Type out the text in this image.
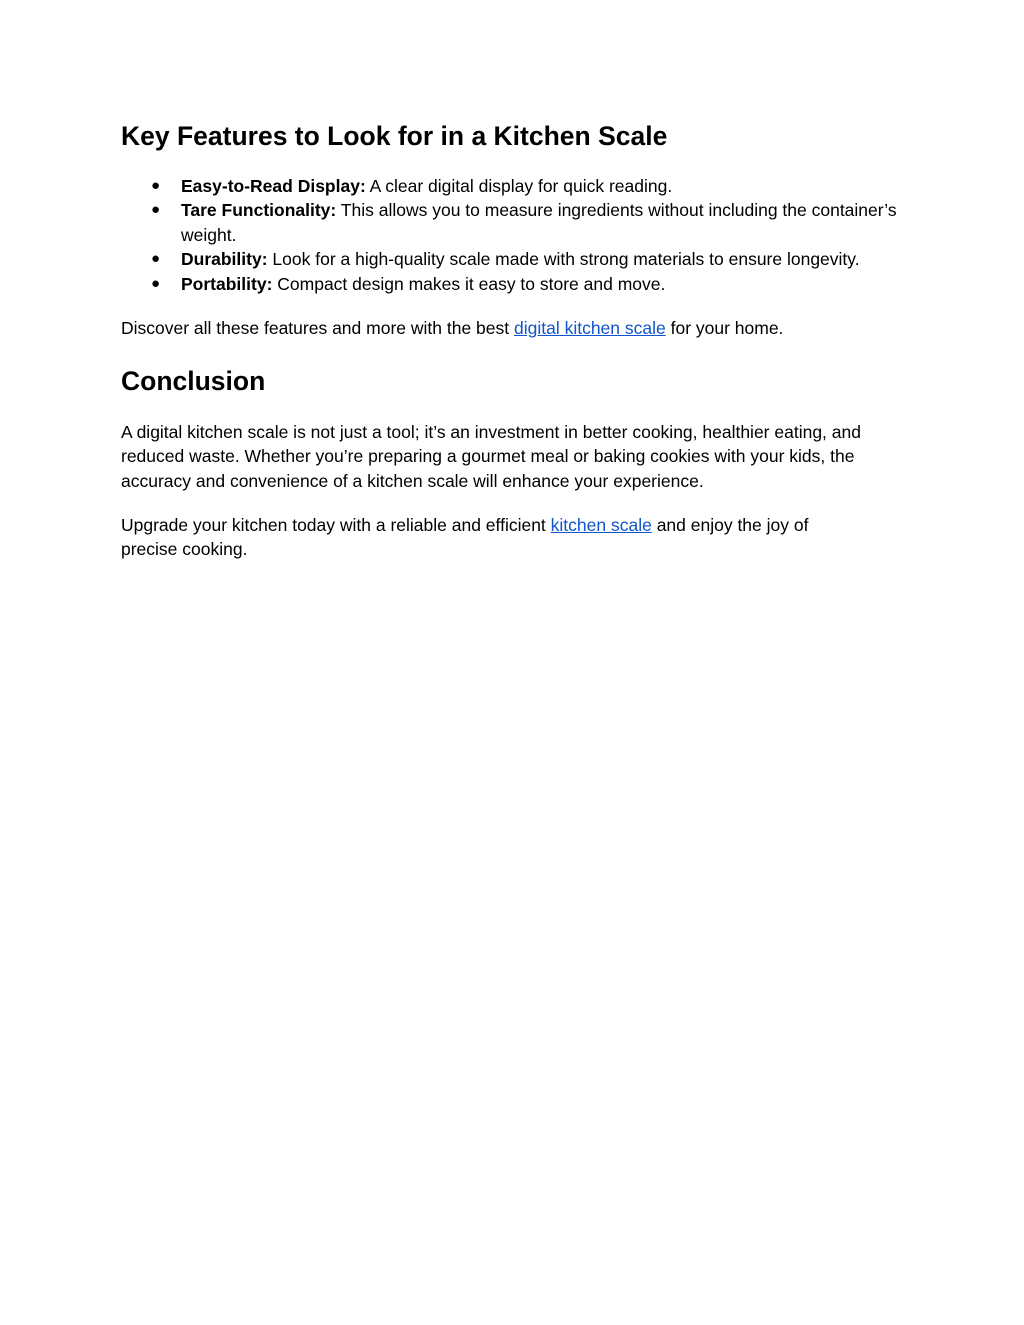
Key Features to Look for in a Kitchen Scale
● Easy-to-Read Display: A clear digital display for quick reading.
● Tare Functionality: This allows you to measure ingredients without including the container’s weight.
● Durability: Look for a high-quality scale made with strong materials to ensure longevity.
● Portability: Compact design makes it easy to store and move.

Discover all these features and more with the best digital kitchen scale for your home.

Conclusion

A digital kitchen scale is not just a tool; it’s an investment in better cooking, healthier eating, and reduced waste. Whether you’re preparing a gourmet meal or baking cookies with your kids, the accuracy and convenience of a kitchen scale will enhance your experience.

Upgrade your kitchen today with a reliable and efficient kitchen scale and enjoy the joy of precise cooking.
